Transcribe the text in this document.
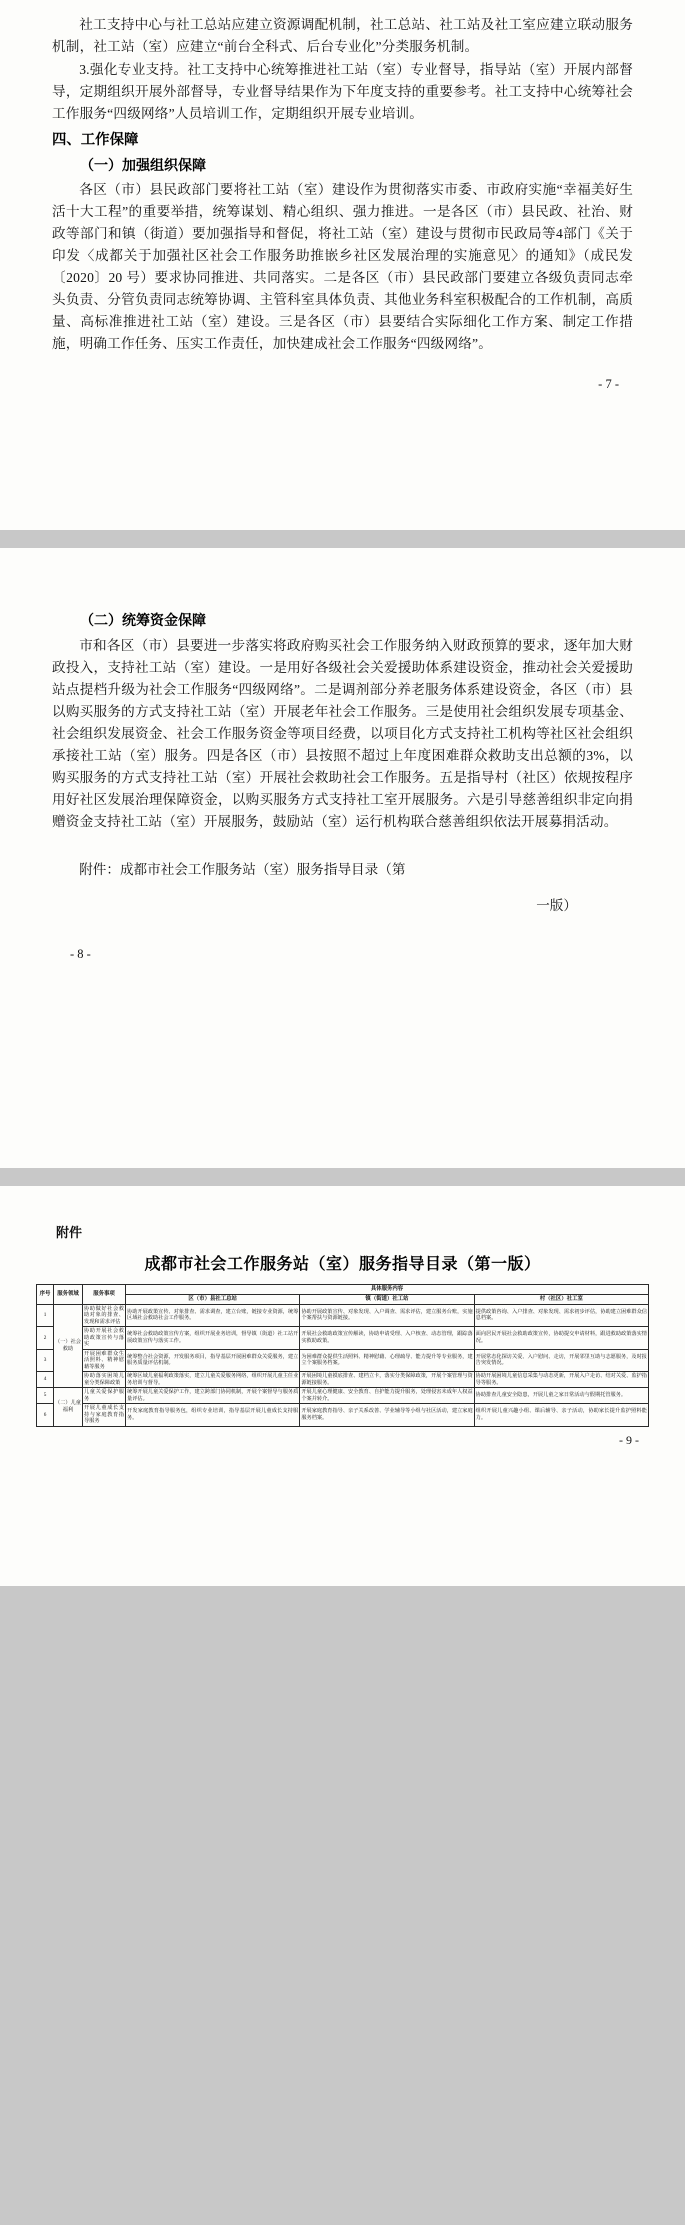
社工支持中心与社工总站应建立资源调配机制，社工总站、社工站及社工室应建立联动服务机制，社工站（室）应建立“前台全科式、后台专业化”分类服务机制。

3.强化专业支持。社工支持中心统筹推进社工站（室）专业督导，指导站（室）开展内部督导，定期组织开展外部督导，专业督导结果作为下年度支持的重要参考。社工支持中心统筹社会工作服务“四级网络”人员培训工作，定期组织开展专业培训。

四、工作保障

（一）加强组织保障

各区（市）县民政部门要将社工站（室）建设作为贯彻落实市委、市政府实施“幸福美好生活十大工程”的重要举措，统筹谋划、精心组织、强力推进。一是各区（市）县民政、社治、财政等部门和镇（街道）要加强指导和督促，将社工站（室）建设与贯彻市民政局等4部门《关于印发〈成都关于加强社区社会工作服务助推嵌乡社区发展治理的实施意见〉的通知》（成民发〔2020〕20 号）要求协同推进、共同落实。二是各区（市）县民政部门要建立各级负责同志牵头负责、分管负责同志统筹协调、主管科室具体负责、其他业务科室积极配合的工作机制，高质量、高标准推进社工站（室）建设。三是各区（市）县要结合实际细化工作方案、制定工作措施，明确工作任务、压实工作责任，加快建成社会工作服务“四级网络”。

- 7 -

（二）统筹资金保障

市和各区（市）县要进一步落实将政府购买社会工作服务纳入财政预算的要求，逐年加大财政投入，支持社工站（室）建设。一是用好各级社会关爱援助体系建设资金，推动社会关爱援助站点提档升级为社会工作服务“四级网络”。二是调剂部分养老服务体系建设资金，各区（市）县以购买服务的方式支持社工站（室）开展老年社会工作服务。三是使用社会组织发展专项基金、社会组织发展资金、社会工作服务资金等项目经费，以项目化方式支持社工机构等社区社会组织承接社工站（室）服务。四是各区（市）县按照不超过上年度困难群众救助支出总额的3%，以购买服务的方式支持社工站（室）开展社会救助社会工作服务。五是指导村（社区）依规按程序用好社区发展治理保障资金，以购买服务方式支持社工室开展服务。六是引导慈善组织非定向捐赠资金支持社工站（室）开展服务，鼓励站（室）运行机构联合慈善组织依法开展募捐活动。

附件：成都市社会工作服务站（室）服务指导目录（第

一版）

- 8 -
附件
成都市社会工作服务站（室）服务指导目录（第一版）
序号	服务领域	服务事项	具体服务内容		
			区（市）县社工总站	镇（街道）社工站	村（社区）社工室
1	（一）社会救助	协助做好社会救助对象的排查、发现和需求评估	协助开展政策宣传、对象排查、需求调查，建立台账，链接专业资源，统筹区域社会救助社会工作服务。	协助开展政策宣传、对象发现、入户调查、需求评估，建立服务台账，实施个案帮扶与资源链接。	提供政策咨询、入户排查、对象发现、需求初步评估，协助建立困难群众信息档案。
2		协助开展社会救助政策宣传与落实	统筹社会救助政策宣传方案，组织开展业务培训，督导镇（街道）社工站开展政策宣传与落实工作。	开展社会救助政策宣传解读，协助申请受理、入户核查、动态管理，跟踪落实救助政策。	面向居民开展社会救助政策宣传，协助提交申请材料，跟进救助政策落实情况。
3		开展困难群众生活照料、精神慰藉等服务	统筹整合社会资源，开发服务项目，指导基层开展困难群众关爱服务，建立服务质量评估机制。	为困难群众提供生活照料、精神慰藉、心理疏导、能力提升等专业服务，建立个案服务档案。	开展常态化探访关爱、入户慰问、走访，开展邻里互助与志愿服务，及时报告突发情况。
4		协助落实困境儿童分类保障政策	统筹区域儿童福利政策落实，建立儿童关爱服务网络，组织开展儿童主任业务培训与督导。	开展困境儿童摸底排查、建档立卡，落实分类保障政策，开展个案管理与资源链接服务。	协助开展困境儿童信息采集与动态更新，开展入户走访、结对关爱、监护指导等服务。
5	（二）儿童福利	儿童关爱保护服务	统筹开展儿童关爱保护工作，建立跨部门协同机制，开展个案督导与服务质量评估。	开展儿童心理健康、安全教育、自护能力提升服务，处理侵害未成年人权益个案并转介。	协助排查儿童安全隐患，开展儿童之家日常活动与假期托管服务。
6		开展儿童成长支持与家庭教育指导服务	开发家庭教育指导服务包，组织专业培训，指导基层开展儿童成长支持服务。	开展家庭教育指导、亲子关系改善、学业辅导等小组与社区活动，建立家庭服务档案。	组织开展儿童兴趣小组、课后辅导、亲子活动，协助家长提升监护照料能力。
- 9 -
